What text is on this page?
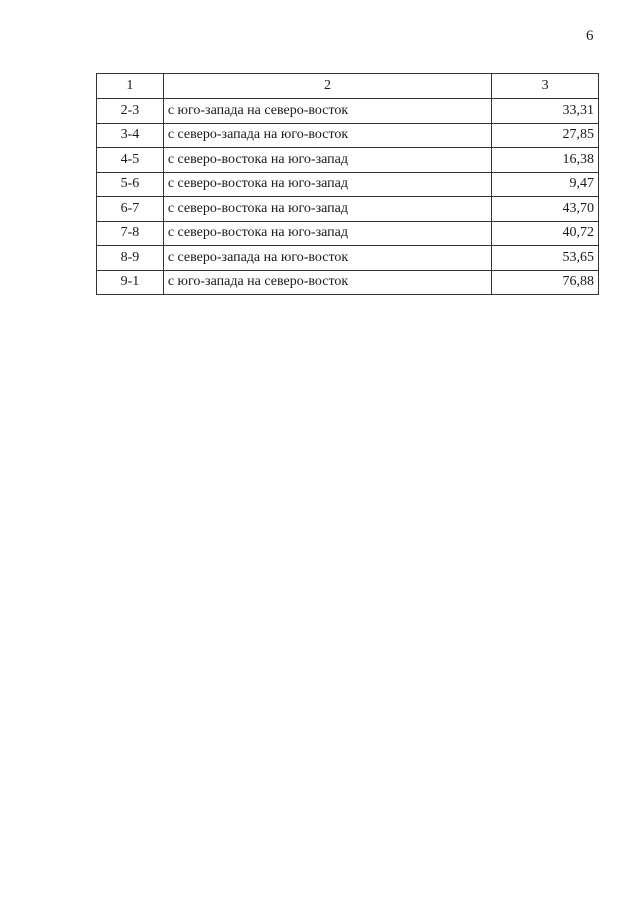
6
1	2	3
2-3	с юго-запада на северо-восток	33,31
3-4	с северо-запада на юго-восток	27,85
4-5	с северо-востока на юго-запад	16,38
5-6	с северо-востока на юго-запад	9,47
6-7	с северо-востока на юго-запад	43,70
7-8	с северо-востока на юго-запад	40,72
8-9	с северо-запада на юго-восток	53,65
9-1	с юго-запада на северо-восток	76,88
